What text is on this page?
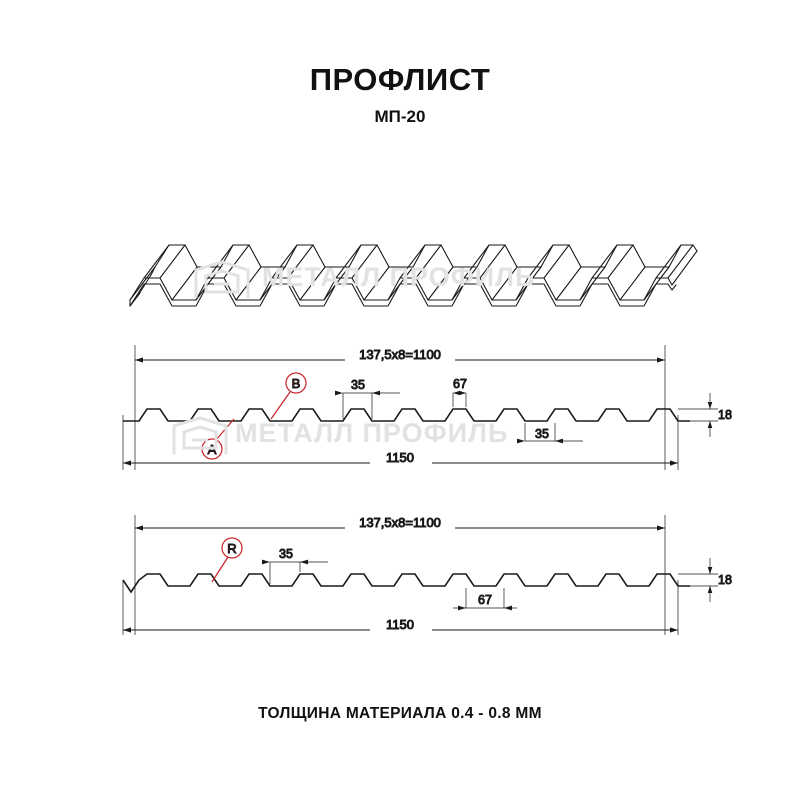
ПРОФЛИСТ
МП-20
МЕТАЛЛ ПРОФИЛЬ
137,5x8=1100
35	67
35
18
1150
A
B
МЕТАЛЛ ПРОФИЛЬ
137,5x8=1100
35
67
18
1150
R
ТОЛЩИНА МАТЕРИАЛА 0.4 - 0.8 ММ
